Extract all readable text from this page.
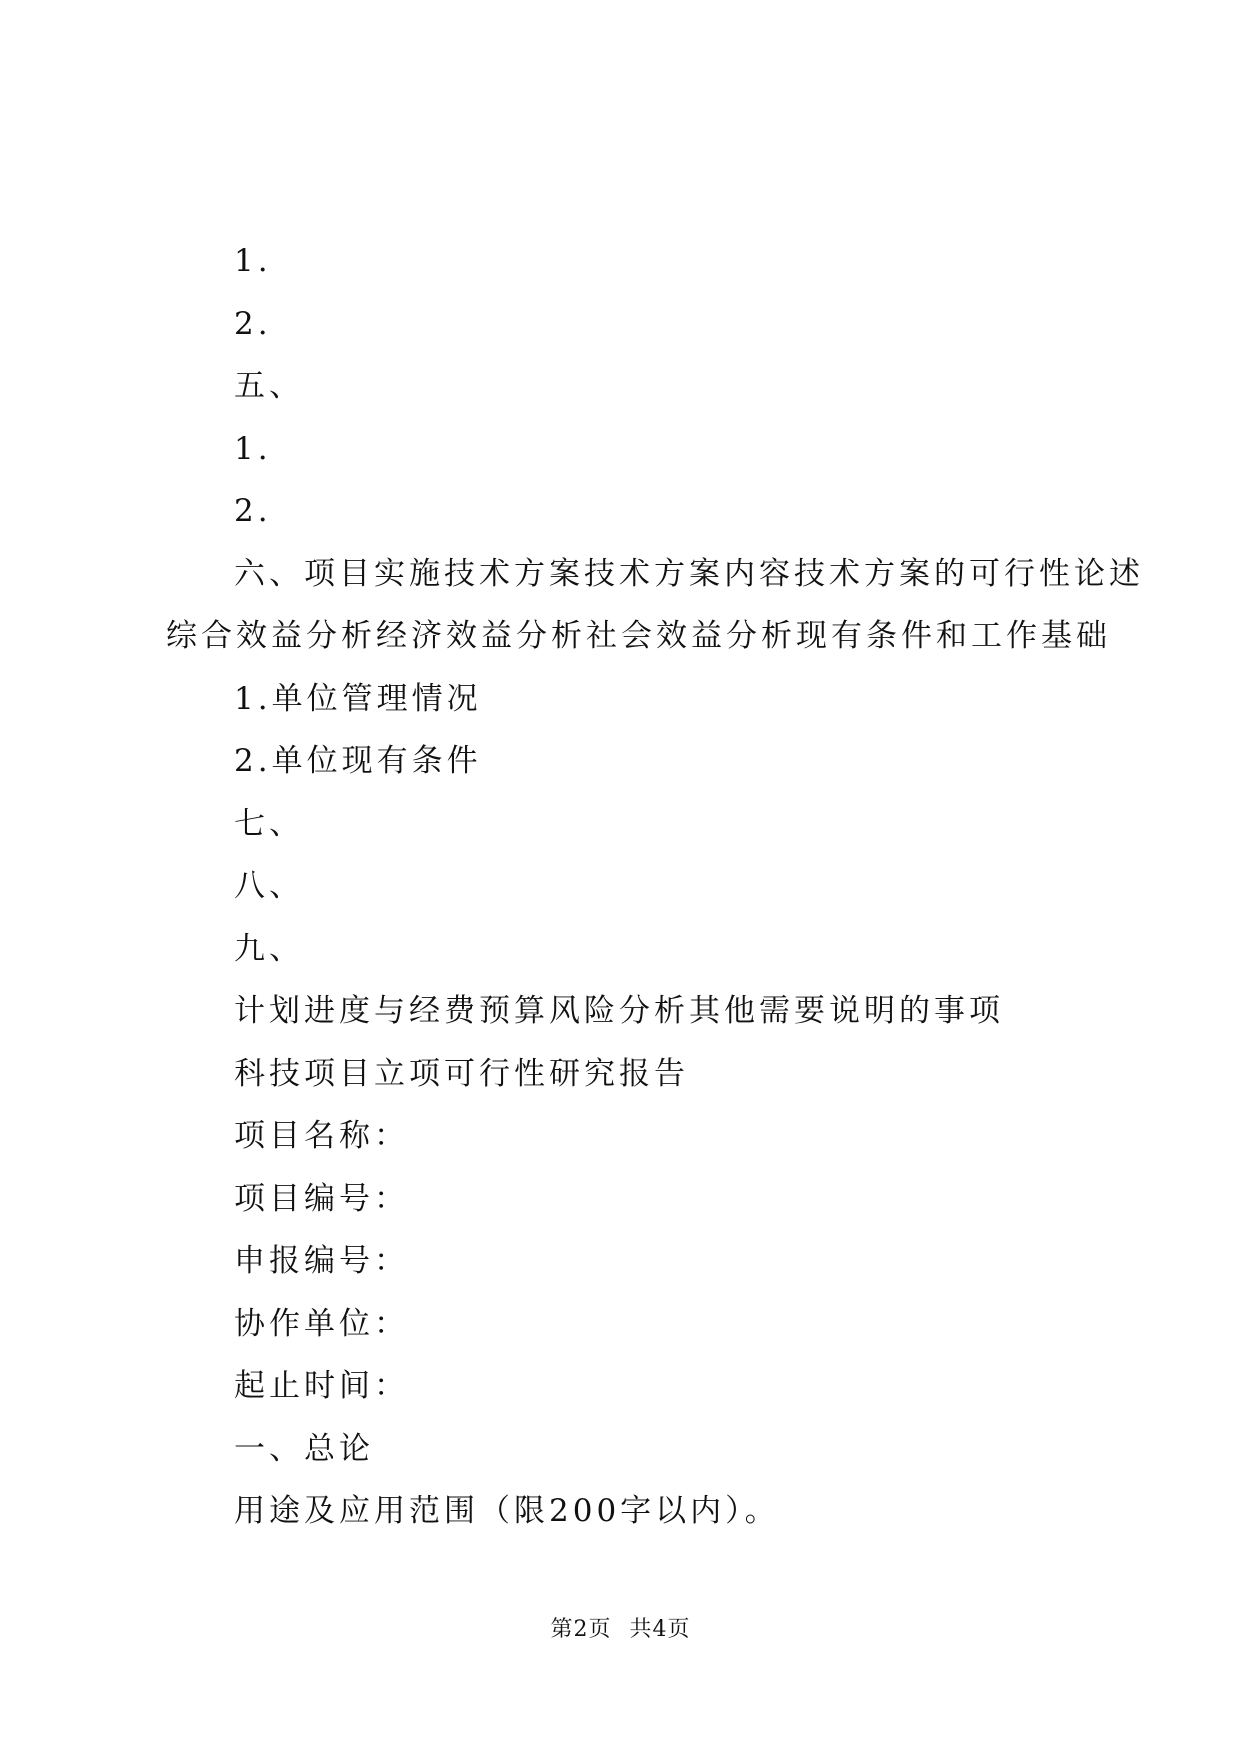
1.
2.
五、
1.
2.
六、项目实施技术方案技术方案内容技术方案的可行性论述
综合效益分析经济效益分析社会效益分析现有条件和工作基础
1.单位管理情况
2.单位现有条件
七、
八、
九、
计划进度与经费预算风险分析其他需要说明的事项
科技项目立项可行性研究报告
项目名称：
项目编号：
申报编号：
协作单位：
起止时间：
一、总论
用途及应用范围（限200字以内）。
第2页 共4页
